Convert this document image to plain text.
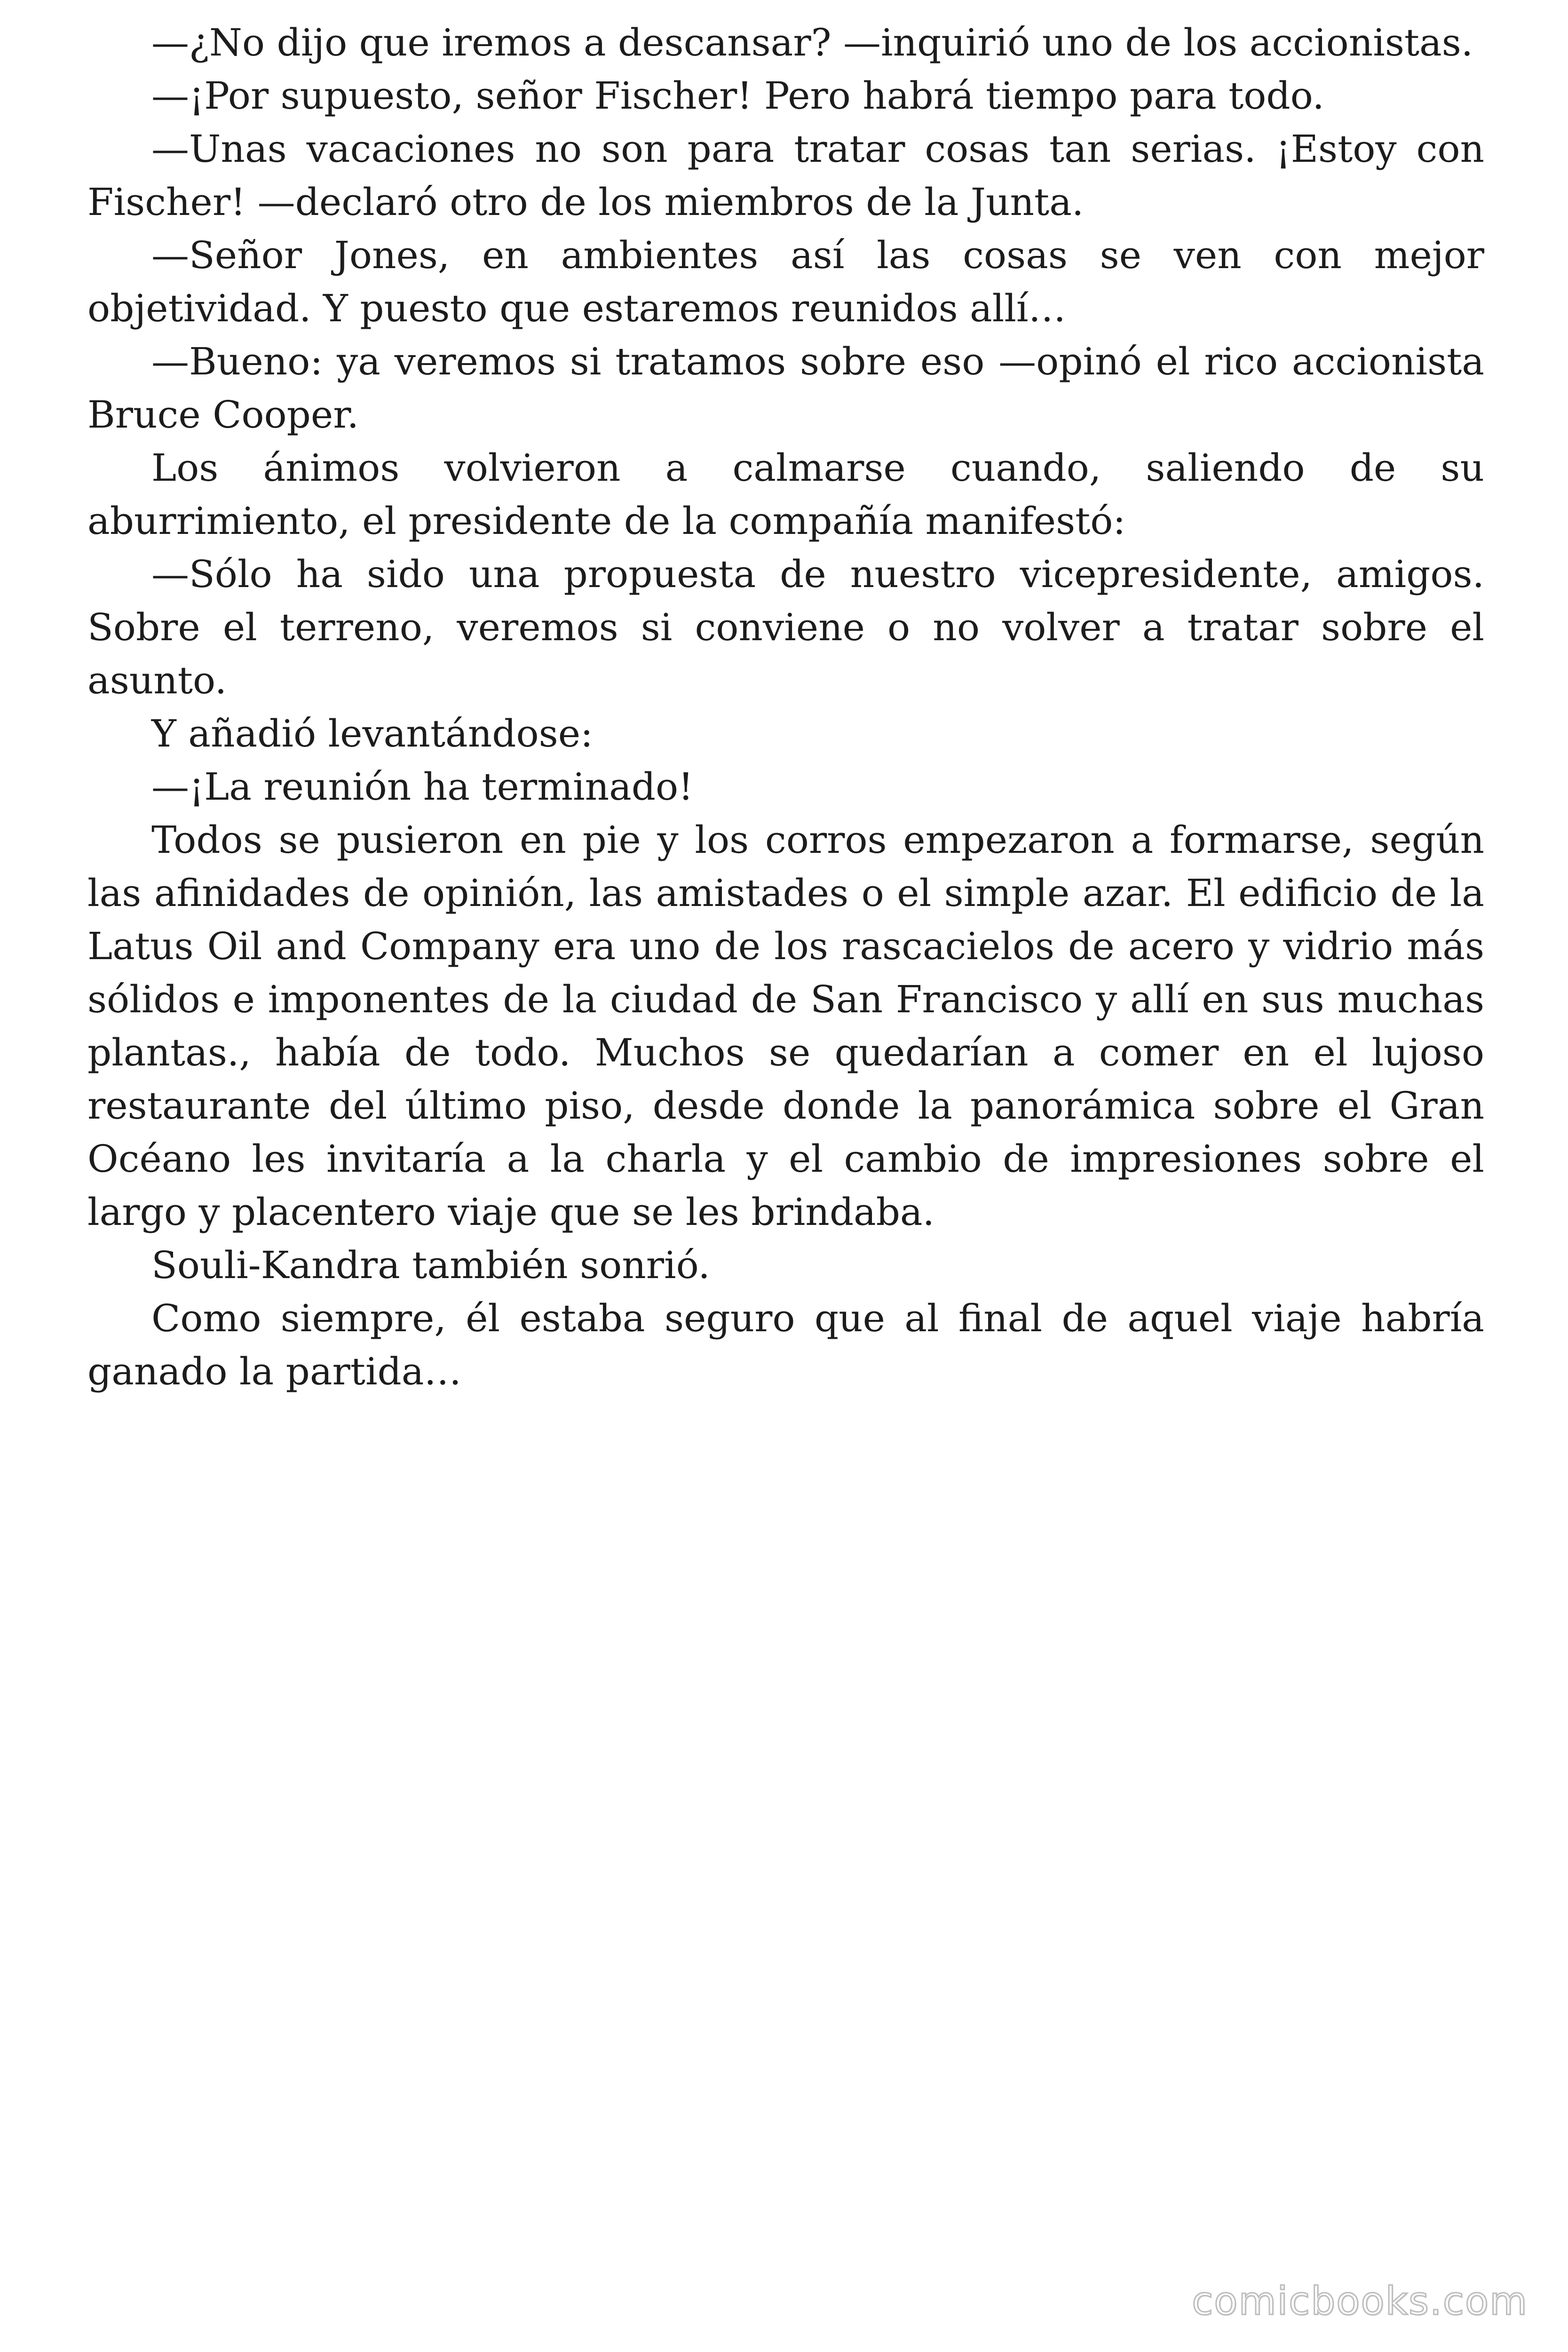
—¿No dijo que iremos a descansar? —inquirió uno de los accionistas.

—¡Por supuesto, señor Fischer! Pero habrá tiempo para todo.

—Unas vacaciones no son para tratar cosas tan serias. ¡Estoy con Fischer! —declaró otro de los miembros de la Junta.

—Señor Jones, en ambientes así las cosas se ven con mejor objetividad. Y puesto que estaremos reunidos allí…

—Bueno: ya veremos si tratamos sobre eso —opinó el rico accionista Bruce Cooper.

Los ánimos volvieron a calmarse cuando, saliendo de su aburrimiento, el presidente de la compañía manifestó:

—Sólo ha sido una propuesta de nuestro vicepresidente, amigos. Sobre el terreno, veremos si conviene o no volver a tratar sobre el asunto.

Y añadió levantándose:

—¡La reunión ha terminado!

Todos se pusieron en pie y los corros empezaron a formarse, según las afinidades de opinión, las amistades o el simple azar. El edificio de la Latus Oil and Company era uno de los rascacielos de acero y vidrio más sólidos e imponentes de la ciudad de San Francisco y allí en sus muchas plantas., había de todo. Muchos se quedarían a comer en el lujoso restaurante del último piso, desde donde la panorámica sobre el Gran Océano les invitaría a la charla y el cambio de impresiones sobre el largo y placentero viaje que se les brindaba.

Souli-Kandra también sonrió.

Como siempre, él estaba seguro que al final de aquel viaje habría ganado la partida…

comicbooks.com
